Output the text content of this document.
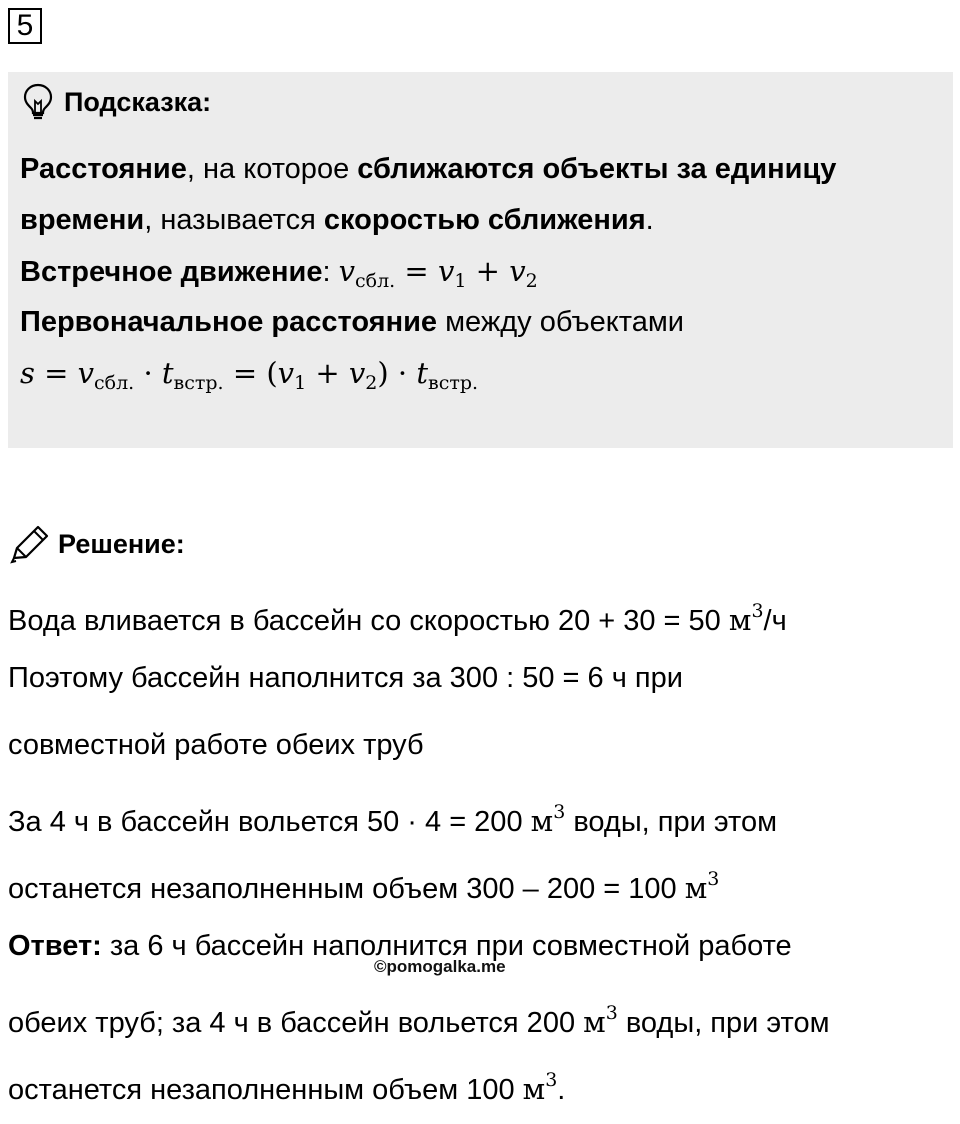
5
Подсказка:
Расстояние, на которое сближаются объекты за единицу
времени, называется скоростью сближения.
Встречное движение: $v_{сбл.} = v_1 + v_2$
Первоначальное расстояние между объектами
$s = v_{сбл.} \cdot t_{встр.} = (v_1 + v_2) \cdot t_{встр.}$
Решение:
Вода вливается в бассейн со скоростью 20 + 30 = 50 $м^3/ч$
Поэтому бассейн наполнится за 300 : 50 = 6 ч при
совместной работе обеих труб
За 4 ч в бассейн вольется 50 · 4 = 200 $м^3$ воды, при этом
останется незаполненным объем 300 – 200 = 100 $м^3$
Ответ: за 6 ч бассейн наполнится при совместной работе
обеих труб; за 4 ч в бассейн вольется 200 $м^3$ воды, при этом
останется незаполненным объем 100 $м^3$.
©pomogalka.me
